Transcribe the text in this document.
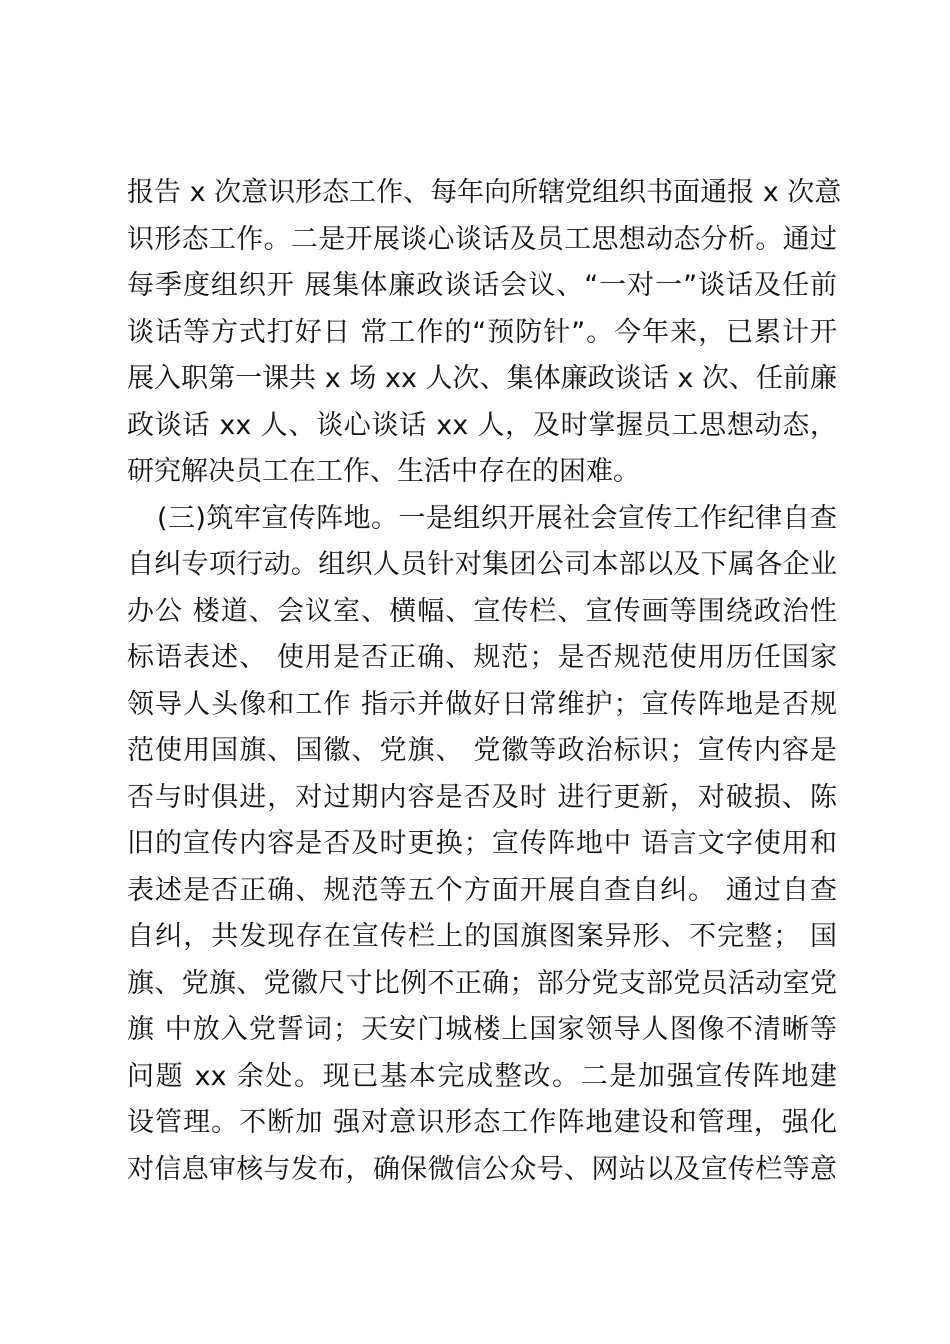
报告 x 次意识形态工作、每年向所辖党组织书面通报 x 次意
识形态工作。二是开展谈心谈话及员工思想动态分析。通过
每季度组织开 展集体廉政谈话会议、“一对一”谈话及任前
谈话等方式打好日 常工作的“预防针”。今年来，已累计开
展入职第一课共 x 场 xx 人次、集体廉政谈话 x 次、任前廉
政谈话 xx 人、谈心谈话 xx 人，及时掌握员工思想动态，
研究解决员工在工作、生活中存在的困难。
(三)筑牢宣传阵地。一是组织开展社会宣传工作纪律自查
自纠专项行动。组织人员针对集团公司本部以及下属各企业
办公 楼道、会议室、横幅、宣传栏、宣传画等围绕政治性
标语表述、 使用是否正确、规范；是否规范使用历任国家
领导人头像和工作 指示并做好日常维护；宣传阵地是否规
范使用国旗、国徽、党旗、 党徽等政治标识；宣传内容是
否与时俱进，对过期内容是否及时 进行更新，对破损、陈
旧的宣传内容是否及时更换；宣传阵地中 语言文字使用和
表述是否正确、规范等五个方面开展自查自纠。 通过自查
自纠，共发现存在宣传栏上的国旗图案异形、不完整； 国
旗、党旗、党徽尺寸比例不正确；部分党支部党员活动室党
旗 中放入党誓词；天安门城楼上国家领导人图像不清晰等
问题 xx 余处。现已基本完成整改。二是加强宣传阵地建
设管理。不断加 强对意识形态工作阵地建设和管理，强化
对信息审核与发布，确保微信公众号、网站以及宣传栏等意
